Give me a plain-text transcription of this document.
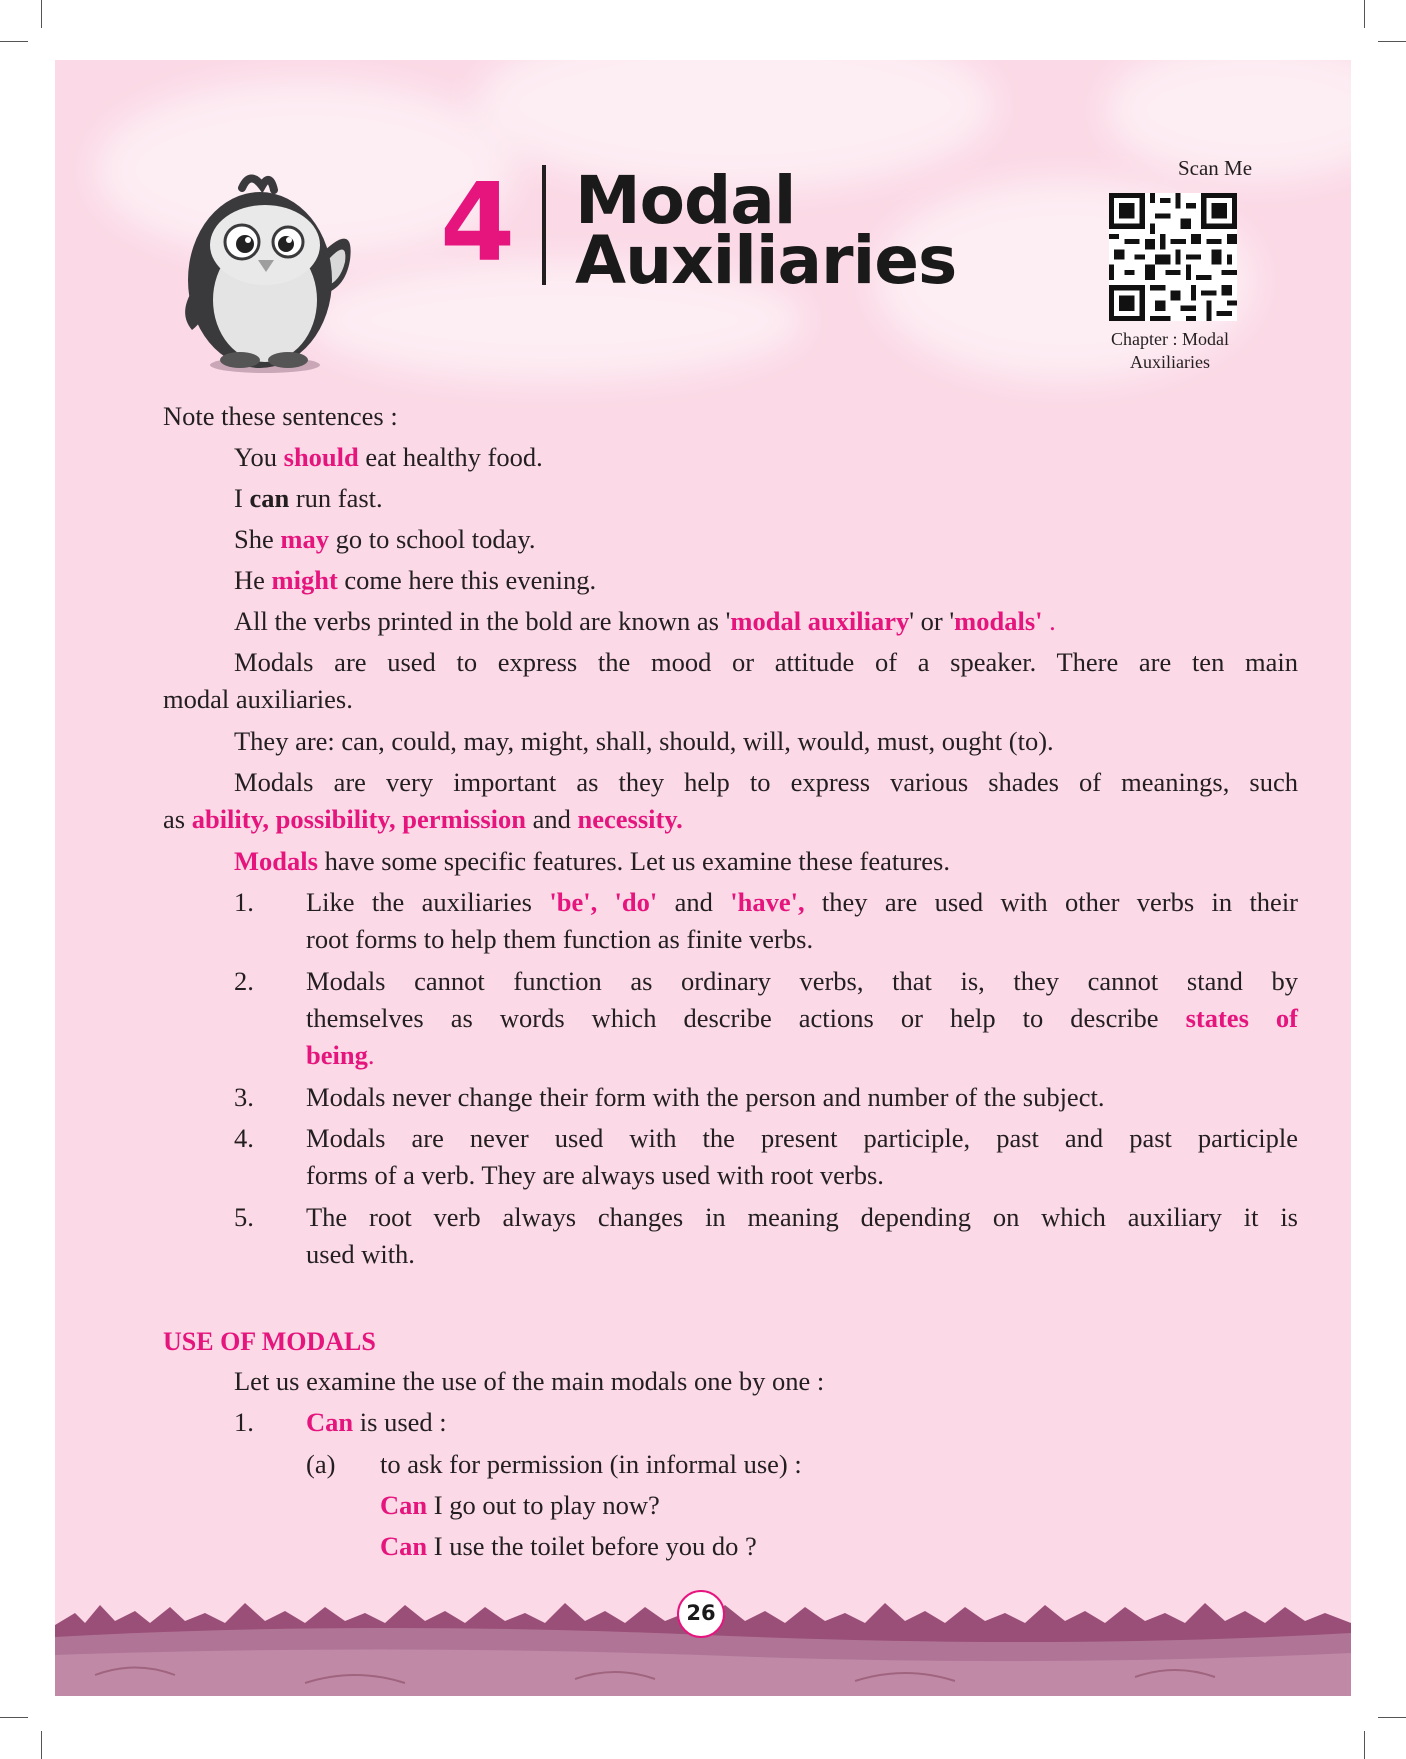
4 Modal
Auxiliaries
Scan Me
Chapter : Modal
Auxiliaries
Note these sentences :
You should eat healthy food.
I can run fast.
She may go to school today.
He might come here this evening.
All the verbs printed in the bold are known as 'modal auxiliary' or 'modals' .
Modals are used to express the mood or attitude of a speaker. There are ten main
modal auxiliaries.
They are: can, could, may, might, shall, should, will, would, must, ought (to).
Modals are very important as they help to express various shades of meanings, such
as ability, possibility, permission and necessity.
Modals have some specific features. Let us examine these features.
1. Like the auxiliaries 'be', 'do' and 'have', they are used with other verbs in their
root forms to help them function as finite verbs.
2. Modals cannot function as ordinary verbs, that is, they cannot stand by
themselves as words which describe actions or help to describe states of
being.
3. Modals never change their form with the person and number of the subject.
4. Modals are never used with the present participle, past and past participle
forms of a verb. They are always used with root verbs.
5. The root verb always changes in meaning depending on which auxiliary it is
used with.
USE OF MODALS
Let us examine the use of the main modals one by one :
1. Can is used :
(a) to ask for permission (in informal use) :
Can I go out to play now?
Can I use the toilet before you do ?
26
